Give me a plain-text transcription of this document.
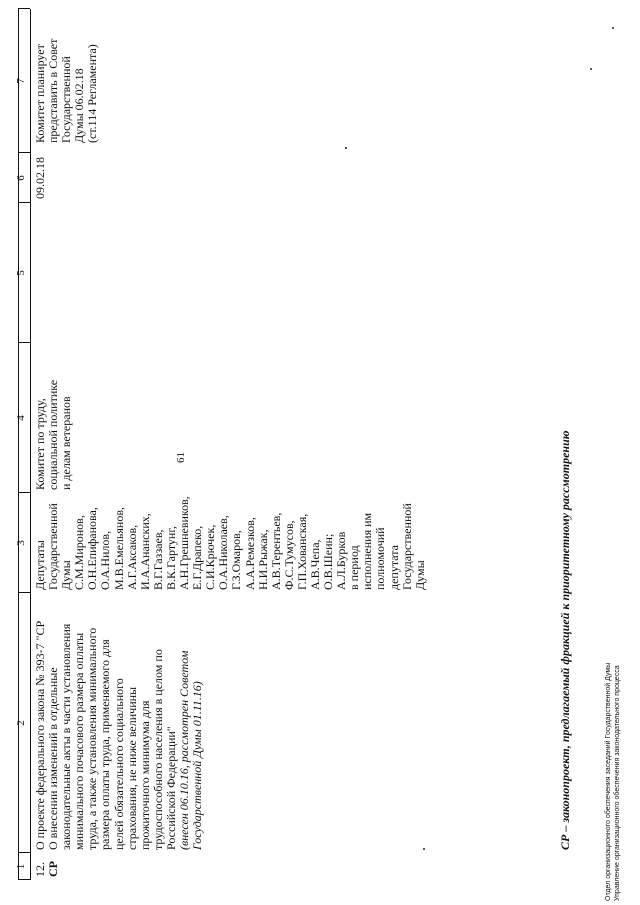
61
1
2
3
4
5
6
7
12. СР
О проекте федерального закона № 393-7 "СР О внесении изменений в отдельные законодательные акты в части установления минимального почасового размера оплаты труда, а также установления минимального размера оплаты труда, применяемого для целей обязательного социального страхования, не ниже величины прожиточного минимума для трудоспособного населения в целом по Российской Федерации" (внесен 06.10.16, рассмотрен Советом Государственной Думы 01.11.16)
Депутаты Государственной Думы С.М.Миронов, О.Н.Епифанова, О.А.Нилов, М.В.Емельянов, А.Г.Аксаков, И.А.Ананских, В.Г.Газзаев, В.К.Гартунг, А.Н.Грешневиков, Е.Г.Драпеко, С.И.Крючек, О.А.Николаев, Г.З.Омаров, А.А.Ремезков, Н.И.Рыжак, А.В.Терентьев, Ф.С.Тумусов, Г.П.Хованская, А.В.Чепа, О.В.Шеин; А.Л.Бурков в период исполнения им полномочий депутата Государственной Думы
Комитет по труду, социальной политике и делам ветеранов
09.02.18
Комитет планирует представить в Совет Государственной Думы 06.02.18 (ст.114 Регламента)
СР – законопроект, предлагаемый фракцией к приоритетному рассмотрению	Отдел организационного обеспечения заседаний Государственной Думы Управление организационного обеспечения законодательного процесса
